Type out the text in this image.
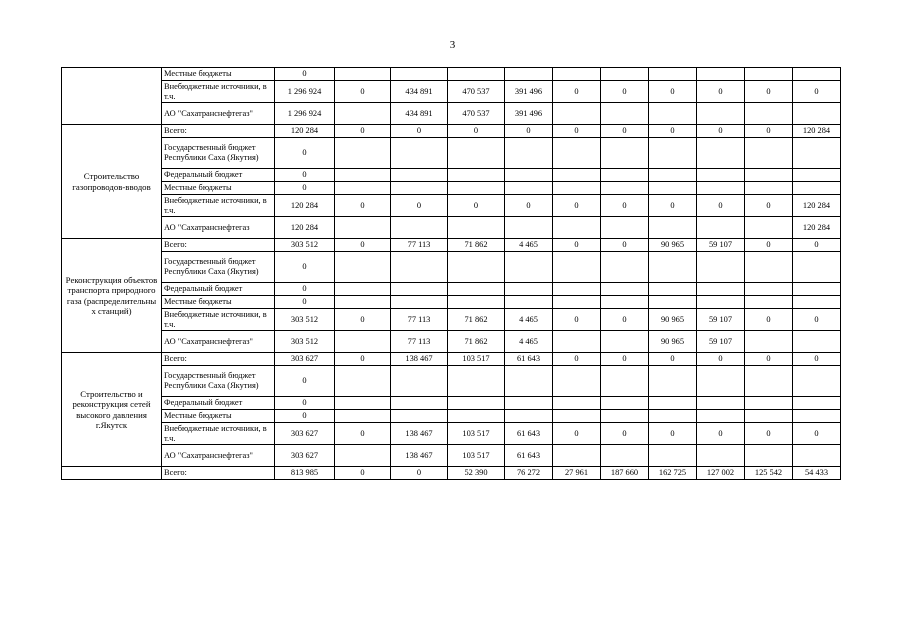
3
	Местные бюджеты	0										
	Внебюджетные источники, в т.ч.	1 296 924	0	434 891	470 537	391 496	0	0	0	0	0	0
	АО "Сахатранснефтегаз"	1 296 924		434 891	470 537	391 496						
Строительство газопроводов-вводов	Всего:	120 284	0	0	0	0	0	0	0	0	0	120 284
	Государственный бюджет Республики Саха (Якутия)	0										
	Федеральный бюджет	0										
	Местные бюджеты	0										
	Внебюджетные источники, в т.ч.	120 284	0	0	0	0	0	0	0	0	0	120 284
	АО "Сахатранснефтегаз	120 284										120 284
Реконструкция объектов транспорта природного газа (распределительны х станций)	Всего:	303 512	0	77 113	71 862	4 465	0	0	90 965	59 107	0	0
	Государственный бюджет Республики Саха (Якутия)	0										
	Федеральный бюджет	0										
	Местные бюджеты	0										
	Внебюджетные источники, в т.ч.	303 512	0	77 113	71 862	4 465	0	0	90 965	59 107	0	0
	АО "Сахатранснефтегаз"	303 512		77 113	71 862	4 465			90 965	59 107		
Строительство и реконструкция сетей высокого давления г.Якутск	Всего:	303 627	0	138 467	103 517	61 643	0	0	0	0	0	0
	Государственный бюджет Республики Саха (Якутия)	0										
	Федеральный бюджет	0										
	Местные бюджеты	0										
	Внебюджетные источники, в т.ч.	303 627	0	138 467	103 517	61 643	0	0	0	0	0	0
	АО "Сахатранснефтегаз"	303 627		138 467	103 517	61 643						
	Всего:	813 985	0	0	52 390	76 272	27 961	187 660	162 725	127 002	125 542	54 433
